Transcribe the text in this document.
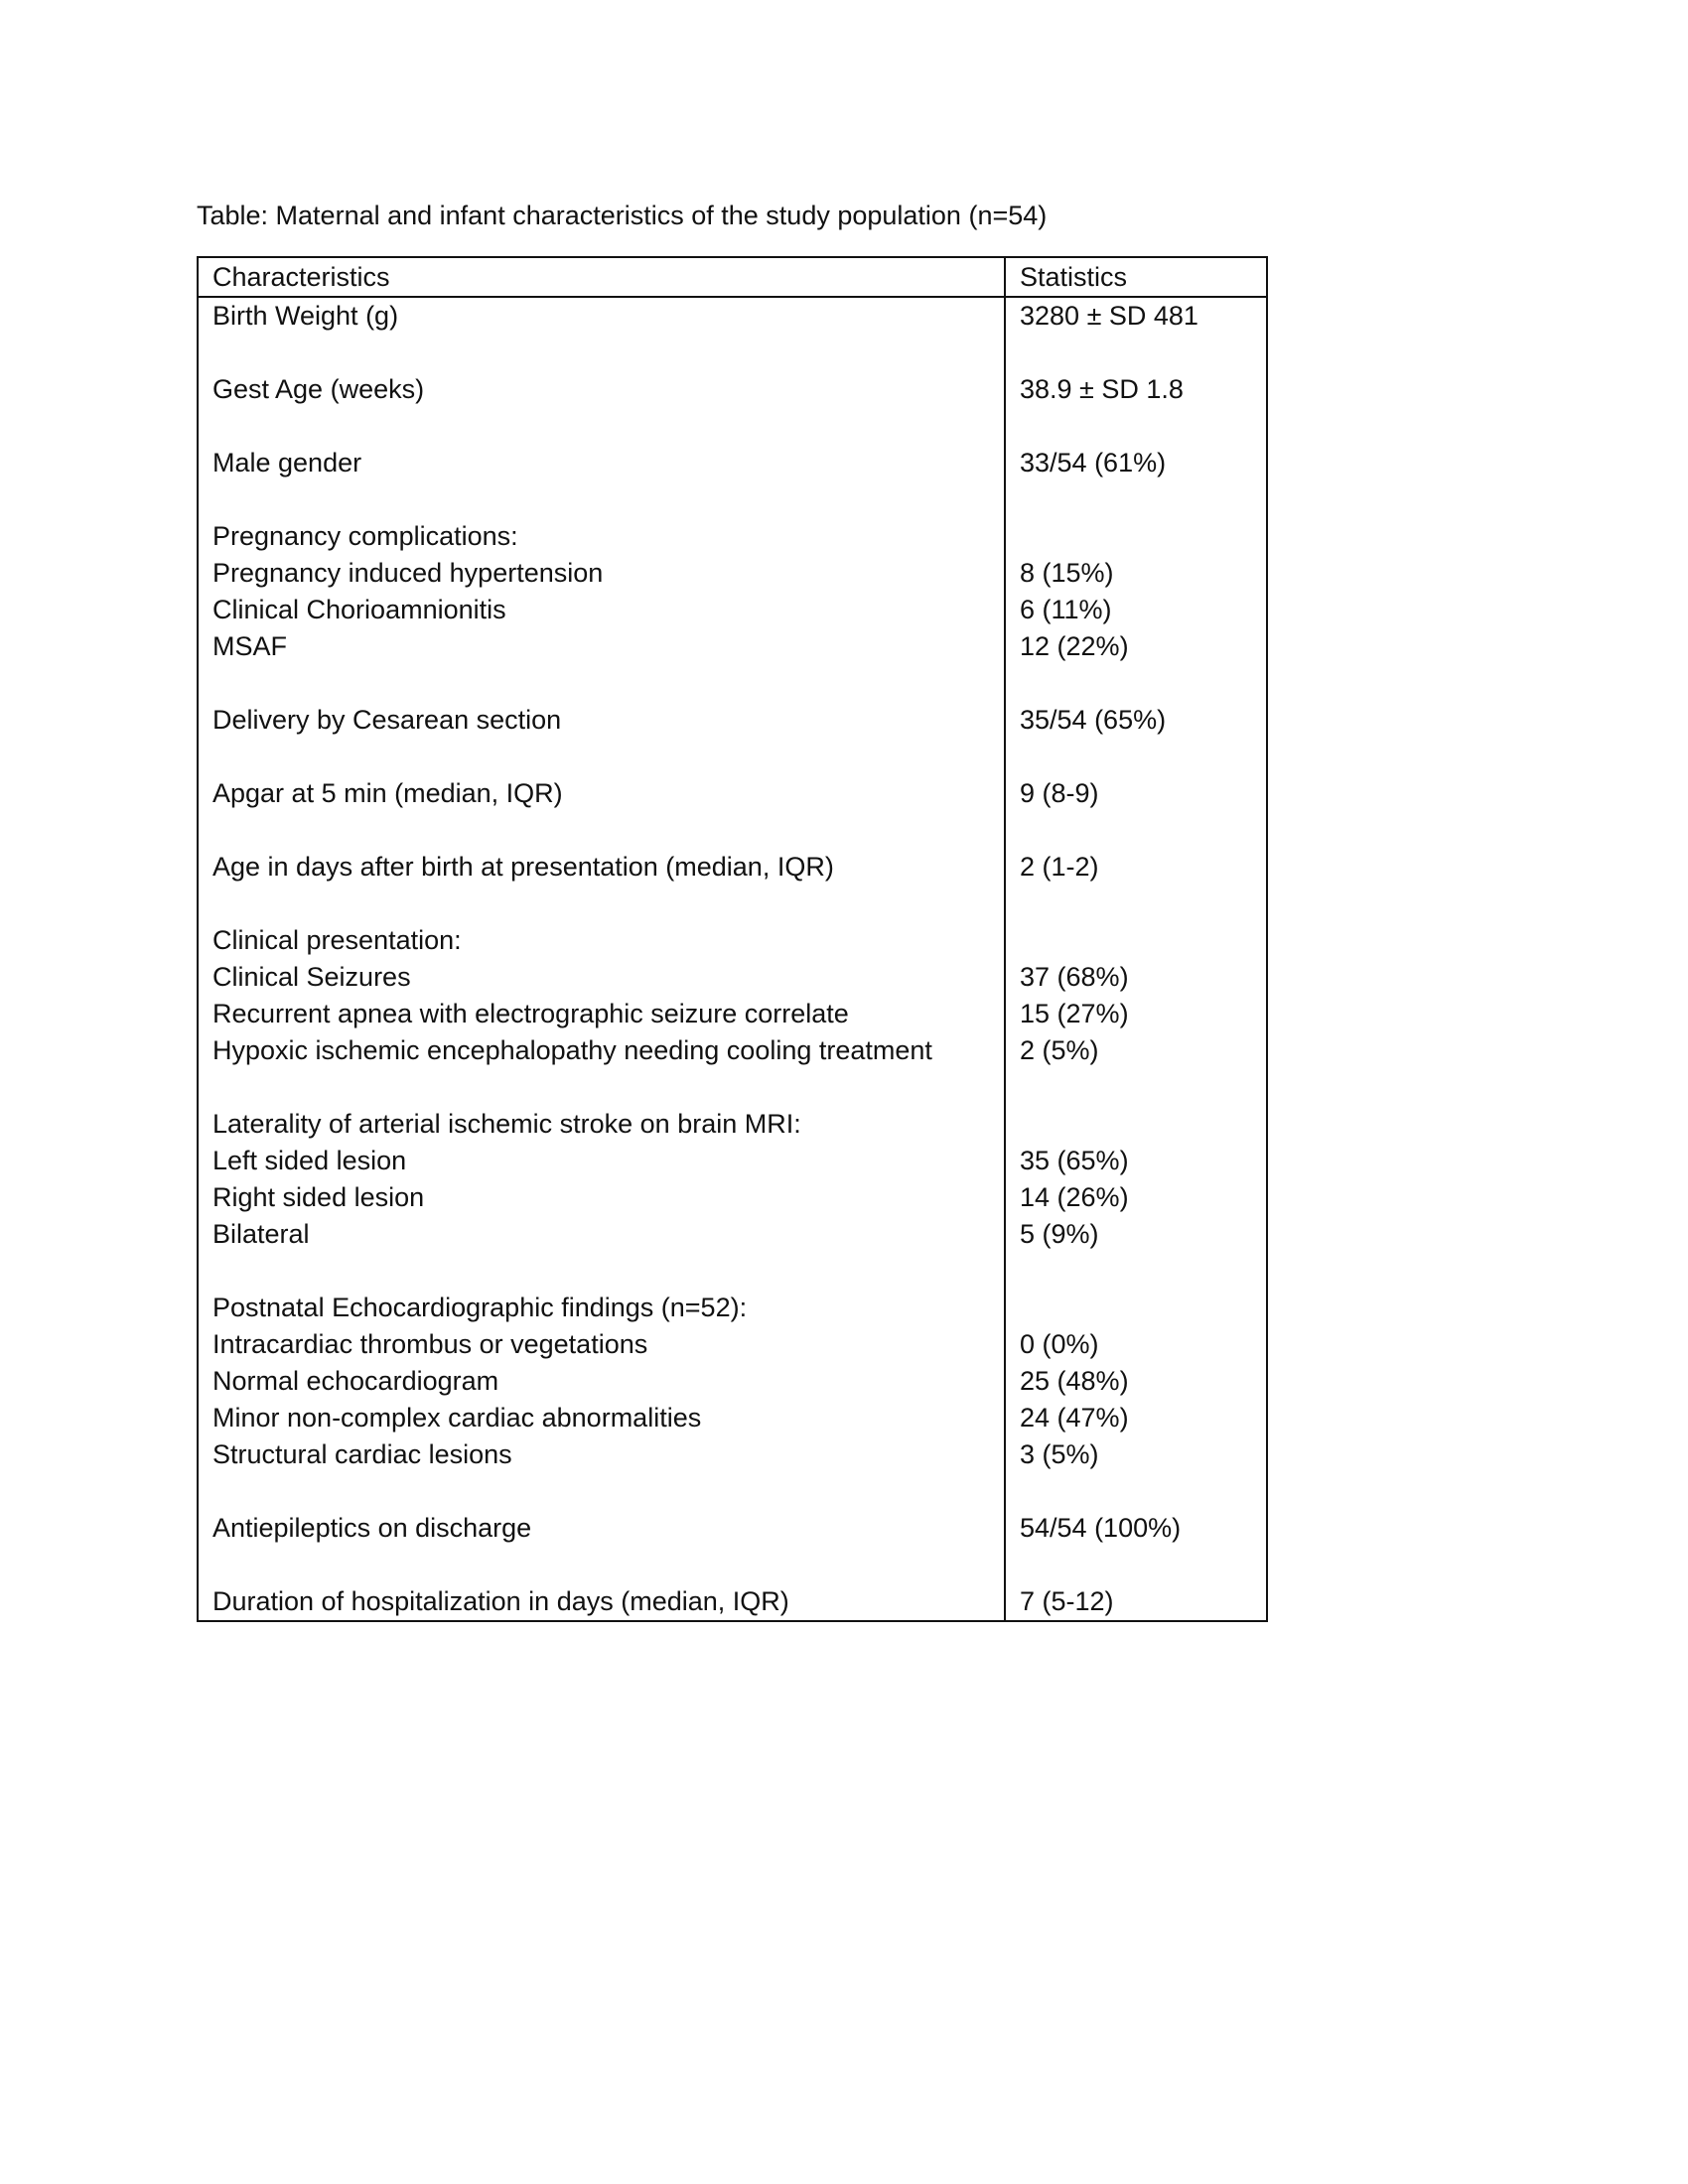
Table: Maternal and infant characteristics of the study population (n=54)
Characteristics	Statistics
Birth Weight (g)	3280 ± SD 481

Gest Age (weeks)	38.9 ± SD 1.8

Male gender	33/54 (61%)

Pregnancy complications:	
Pregnancy induced hypertension	8 (15%)
Clinical Chorioamnionitis	6 (11%)
MSAF	12 (22%)

Delivery by Cesarean section	35/54 (65%)

Apgar at 5 min (median, IQR)	9 (8-9)

Age in days after birth at presentation (median, IQR)	2 (1-2)

Clinical presentation:	
Clinical Seizures	37 (68%)
Recurrent apnea with electrographic seizure correlate	15 (27%)
Hypoxic ischemic encephalopathy needing cooling treatment	2 (5%)

Laterality of arterial ischemic stroke on brain MRI:	
Left sided lesion	35 (65%)
Right sided lesion	14 (26%)
Bilateral	5 (9%)

Postnatal Echocardiographic findings (n=52):	
Intracardiac thrombus or vegetations	0 (0%)
Normal echocardiogram	25 (48%)
Minor non-complex cardiac abnormalities	24 (47%)
Structural cardiac lesions	3 (5%)

Antiepileptics on discharge	54/54 (100%)

Duration of hospitalization in days (median, IQR)	7 (5-12)
